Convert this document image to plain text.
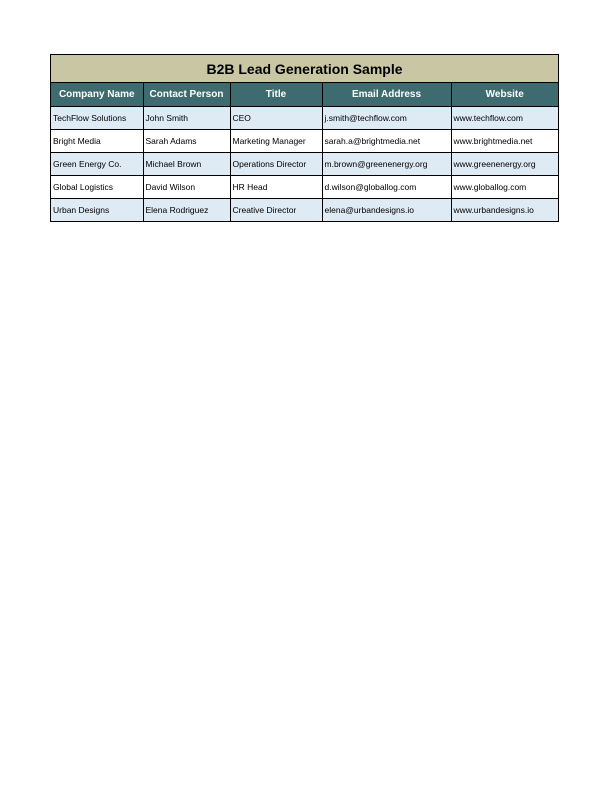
B2B Lead Generation Sample
Company Name	Contact Person	Title	Email Address	Website
TechFlow Solutions	John Smith	CEO	j.smith@techflow.com	www.techflow.com
Bright Media	Sarah Adams	Marketing Manager	sarah.a@brightmedia.net	www.brightmedia.net
Green Energy Co.	Michael Brown	Operations Director	m.brown@greenenergy.org	www.greenenergy.org
Global Logistics	David Wilson	HR Head	d.wilson@globallog.com	www.globallog.com
Urban Designs	Elena Rodriguez	Creative Director	elena@urbandesigns.io	www.urbandesigns.io
